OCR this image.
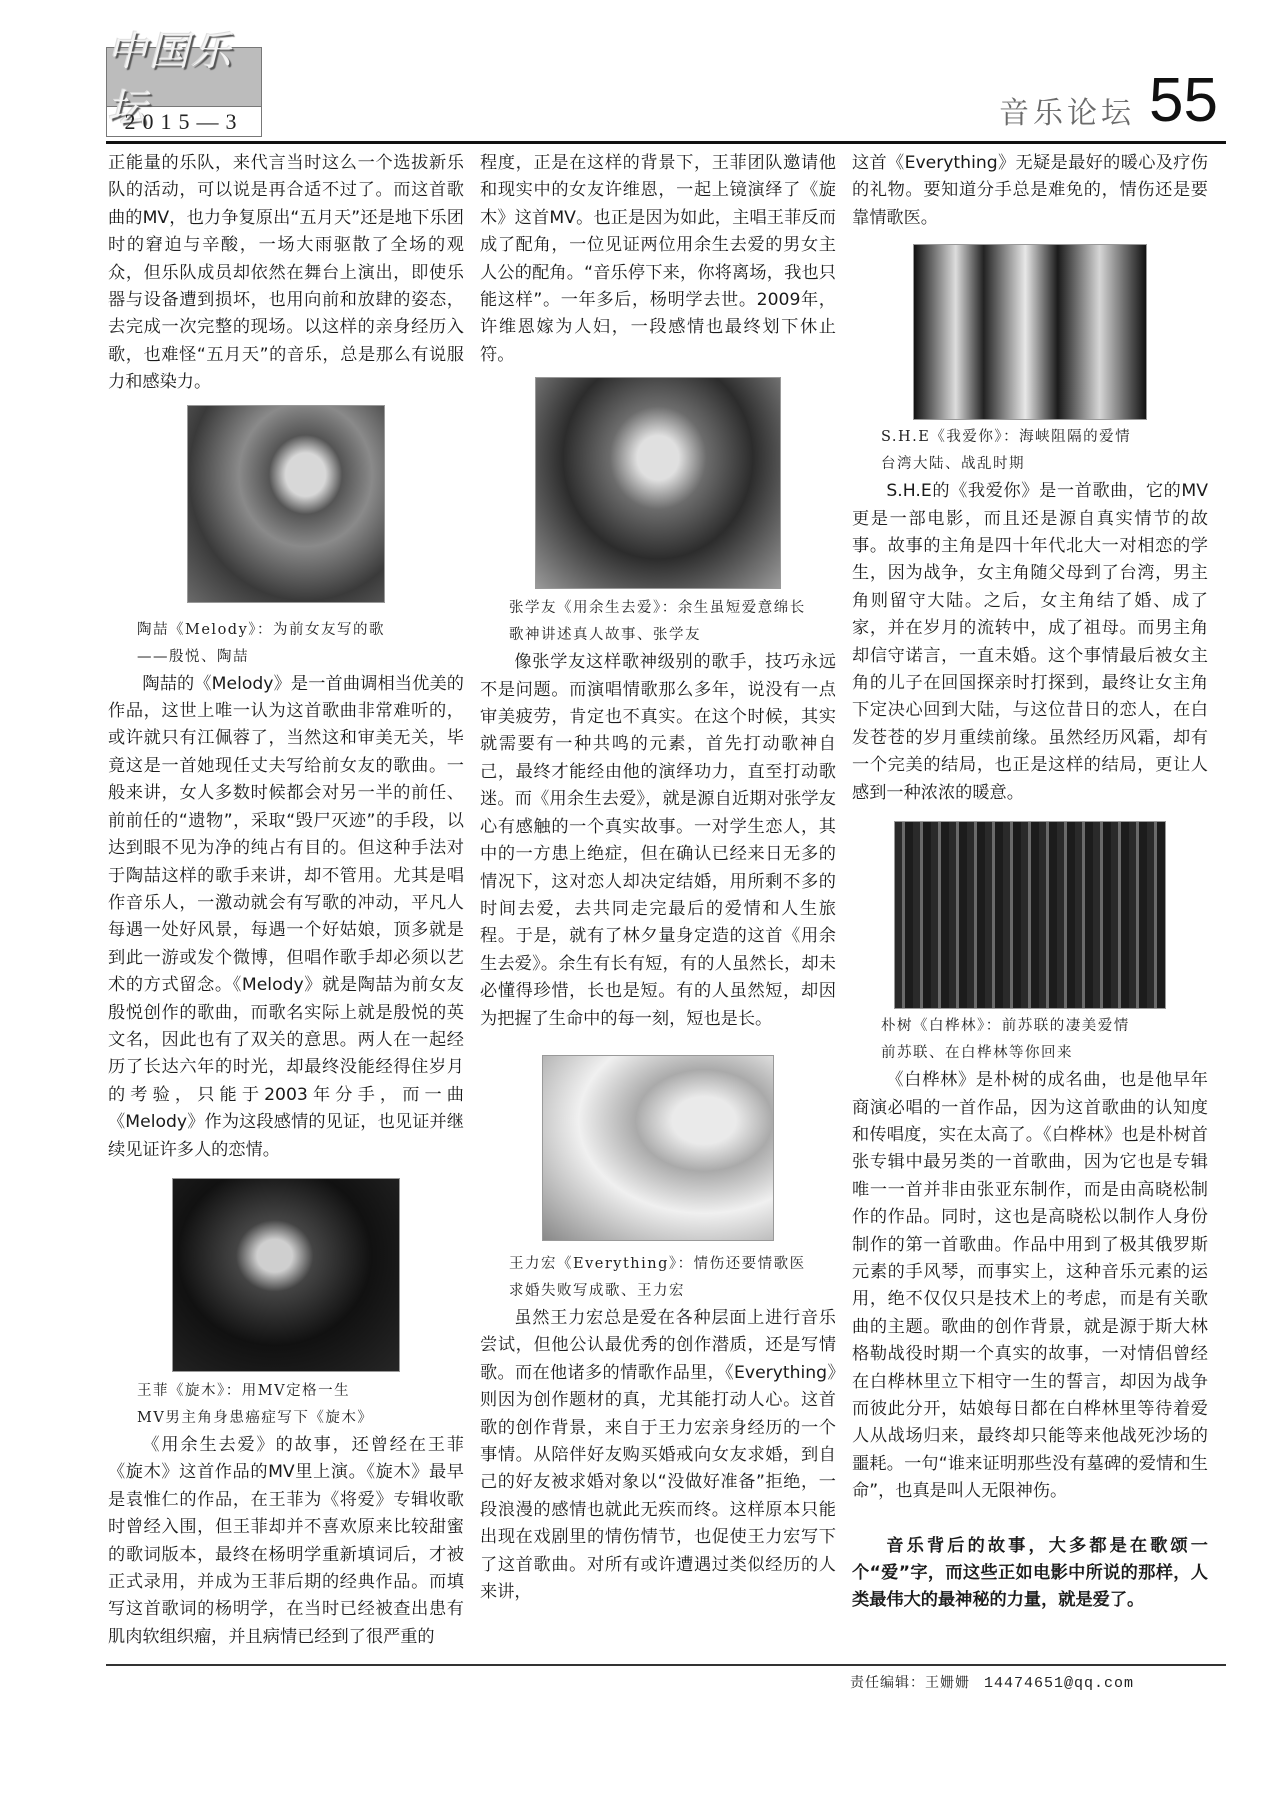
中国乐坛
2015—3	音乐论坛 55

正能量的乐队，来代言当时这么一个选拔新乐队的活动，可以说是再合适不过了。而这首歌曲的MV，也力争复原出“五月天”还是地下乐团时的窘迫与辛酸，一场大雨驱散了全场的观众，但乐队成员却依然在舞台上演出，即使乐器与设备遭到损坏，也用向前和放肆的姿态，去完成一次完整的现场。以这样的亲身经历入歌，也难怪“五月天”的音乐，总是那么有说服力和感染力。

陶喆《Melody》：为前女友写的歌
——殷悦、陶喆

陶喆的《Melody》是一首曲调相当优美的作品，这世上唯一认为这首歌曲非常难听的，或许就只有江佩蓉了，当然这和审美无关，毕竟这是一首她现任丈夫写给前女友的歌曲。一般来讲，女人多数时候都会对另一半的前任、前前任的“遗物”，采取“毁尸灭迹”的手段，以达到眼不见为净的纯占有目的。但这种手法对于陶喆这样的歌手来讲，却不管用。尤其是唱作音乐人，一激动就会有写歌的冲动，平凡人每遇一处好风景，每遇一个好姑娘，顶多就是到此一游或发个微博，但唱作歌手却必须以艺术的方式留念。《Melody》就是陶喆为前女友殷悦创作的歌曲，而歌名实际上就是殷悦的英文名，因此也有了双关的意思。两人在一起经历了长达六年的时光，却最终没能经得住岁月的考验，只能于2003年分手，而一曲《Melody》作为这段感情的见证，也见证并继续见证许多人的恋情。

王菲《旋木》：用MV定格一生
MV男主角身患癌症写下《旋木》

《用余生去爱》的故事，还曾经在王菲《旋木》这首作品的MV里上演。《旋木》最早是袁惟仁的作品，在王菲为《将爱》专辑收歌时曾经入围，但王菲却并不喜欢原来比较甜蜜的歌词版本，最终在杨明学重新填词后，才被正式录用，并成为王菲后期的经典作品。而填写这首歌词的杨明学，在当时已经被查出患有肌肉软组织瘤，并且病情已经到了很严重的

程度，正是在这样的背景下，王菲团队邀请他和现实中的女友许维恩，一起上镜演绎了《旋木》这首MV。也正是因为如此，主唱王菲反而成了配角，一位见证两位用余生去爱的男女主人公的配角。“音乐停下来，你将离场，我也只能这样”。一年多后，杨明学去世。2009年，许维恩嫁为人妇，一段感情也最终划下休止符。

张学友《用余生去爱》：余生虽短爱意绵长
歌神讲述真人故事、张学友

像张学友这样歌神级别的歌手，技巧永远不是问题。而演唱情歌那么多年，说没有一点审美疲劳，肯定也不真实。在这个时候，其实就需要有一种共鸣的元素，首先打动歌神自己，最终才能经由他的演绎功力，直至打动歌迷。而《用余生去爱》，就是源自近期对张学友心有感触的一个真实故事。一对学生恋人，其中的一方患上绝症，但在确认已经来日无多的情况下，这对恋人却决定结婚，用所剩不多的时间去爱，去共同走完最后的爱情和人生旅程。于是，就有了林夕量身定造的这首《用余生去爱》。余生有长有短，有的人虽然长，却未必懂得珍惜，长也是短。有的人虽然短，却因为把握了生命中的每一刻，短也是长。

王力宏《Everything》：情伤还要情歌医
求婚失败写成歌、王力宏

虽然王力宏总是爱在各种层面上进行音乐尝试，但他公认最优秀的创作潜质，还是写情歌。而在他诸多的情歌作品里，《Everything》则因为创作题材的真，尤其能打动人心。这首歌的创作背景，来自于王力宏亲身经历的一个事情。从陪伴好友购买婚戒向女友求婚，到自己的好友被求婚对象以“没做好准备”拒绝，一段浪漫的感情也就此无疾而终。这样原本只能出现在戏剧里的情伤情节，也促使王力宏写下了这首歌曲。对所有或许遭遇过类似经历的人来讲，

这首《Everything》无疑是最好的暖心及疗伤的礼物。要知道分手总是难免的，情伤还是要靠情歌医。

S.H.E《我爱你》：海峡阻隔的爱情
台湾大陆、战乱时期

S.H.E的《我爱你》是一首歌曲，它的MV更是一部电影，而且还是源自真实情节的故事。故事的主角是四十年代北大一对相恋的学生，因为战争，女主角随父母到了台湾，男主角则留守大陆。之后，女主角结了婚、成了家，并在岁月的流转中，成了祖母。而男主角却信守诺言，一直未婚。这个事情最后被女主角的儿子在回国探亲时打探到，最终让女主角下定决心回到大陆，与这位昔日的恋人，在白发苍苍的岁月重续前缘。虽然经历风霜，却有一个完美的结局，也正是这样的结局，更让人感到一种浓浓的暖意。

朴树《白桦林》：前苏联的凄美爱情
前苏联、在白桦林等你回来

《白桦林》是朴树的成名曲，也是他早年商演必唱的一首作品，因为这首歌曲的认知度和传唱度，实在太高了。《白桦林》也是朴树首张专辑中最另类的一首歌曲，因为它也是专辑唯一一首并非由张亚东制作，而是由高晓松制作的作品。同时，这也是高晓松以制作人身份制作的第一首歌曲。作品中用到了极其俄罗斯元素的手风琴，而事实上，这种音乐元素的运用，绝不仅仅只是技术上的考虑，而是有关歌曲的主题。歌曲的创作背景，就是源于斯大林格勒战役时期一个真实的故事，一对情侣曾经在白桦林里立下相守一生的誓言，却因为战争而彼此分开，姑娘每日都在白桦林里等待着爱人从战场归来，最终却只能等来他战死沙场的噩耗。一句“谁来证明那些没有墓碑的爱情和生命”，也真是叫人无限神伤。

音乐背后的故事，大多都是在歌颂一个“爱”字，而这些正如电影中所说的那样，人类最伟大的最神秘的力量，就是爱了。

责任编辑：王姗姗 14474651@qq.com
